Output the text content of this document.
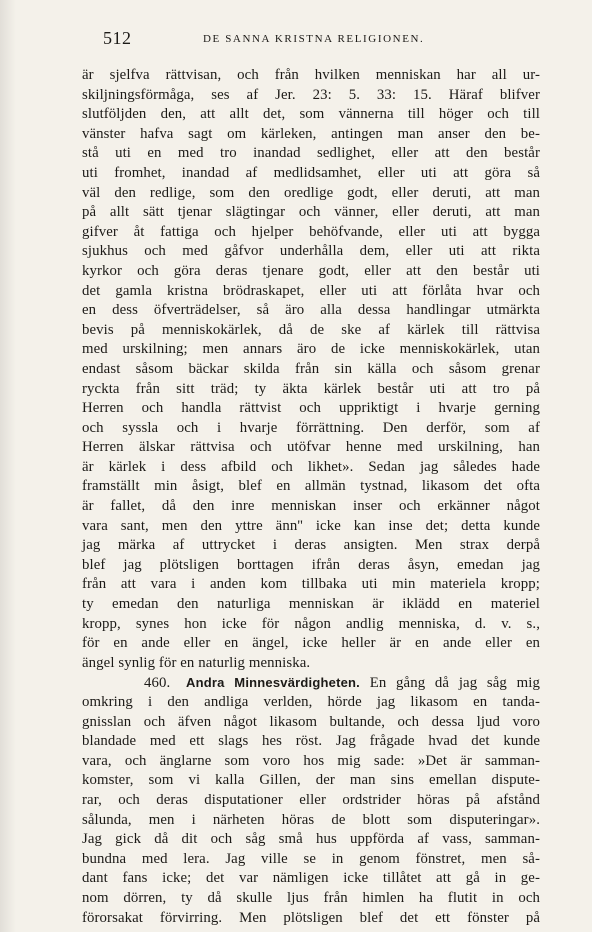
512	DE SANNA KRISTNA RELIGIONEN.
är sjelfva rättvisan, och från hvilken menniskan har all ur-
skiljningsförmåga, ses af Jer. 23: 5. 33: 15. Häraf blifver
slutföljden den, att allt det, som vännerna till höger och till
vänster hafva sagt om kärleken, antingen man anser den be-
stå uti en med tro inandad sedlighet, eller att den består
uti fromhet, inandad af medlidsamhet, eller uti att göra så
väl den redlige, som den oredlige godt, eller deruti, att man
på allt sätt tjenar slägtingar och vänner, eller deruti, att man
gifver åt fattiga och hjelper behöfvande, eller uti att bygga
sjukhus och med gåfvor underhålla dem, eller uti att rikta
kyrkor och göra deras tjenare godt, eller att den består uti
det gamla kristna brödraskapet, eller uti att förlåta hvar och
en dess öfverträdelser, så äro alla dessa handlingar utmärkta
bevis på menniskokärlek, då de ske af kärlek till rättvisa
med urskilning; men annars äro de icke menniskokärlek, utan
endast såsom bäckar skilda från sin källa och såsom grenar
ryckta från sitt träd; ty äkta kärlek består uti att tro på
Herren och handla rättvist och uppriktigt i hvarje gerning
och syssla och i hvarje förrättning. Den derför, som af
Herren älskar rättvisa och utöfvar henne med urskilning, han
är kärlek i dess afbild och likhet». Sedan jag således hade
framställt min åsigt, blef en allmän tystnad, likasom det ofta
är fallet, då den inre menniskan inser och erkänner något
vara sant, men den yttre änn'' icke kan inse det; detta kunde
jag märka af uttrycket i deras ansigten. Men strax derpå
blef jag plötsligen borttagen ifrån deras åsyn, emedan jag
från att vara i anden kom tillbaka uti min materiela kropp;
ty emedan den naturliga menniskan är iklädd en materiel
kropp, synes hon icke för någon andlig menniska, d. v. s.,
för en ande eller en ängel, icke heller är en ande eller en
ängel synlig för en naturlig menniska.
460. Andra Minnesvärdigheten. En gång då jag såg mig
omkring i den andliga verlden, hörde jag likasom en tanda-
gnisslan och äfven något likasom bultande, och dessa ljud voro
blandade med ett slags hes röst. Jag frågade hvad det kunde
vara, och änglarne som voro hos mig sade: »Det är samman-
komster, som vi kalla Gillen, der man sins emellan dispute-
rar, och deras disputationer eller ordstrider höras på afstånd
sålunda, men i närheten höras de blott som disputeringar».
Jag gick då dit och såg små hus uppförda af vass, samman-
bundna med lera. Jag ville se in genom fönstret, men så-
dant fans icke; det var nämligen icke tillåtet att gå in ge-
nom dörren, ty då skulle ljus från himlen ha flutit in och
förorsakat förvirring. Men plötsligen blef det ett fönster på
